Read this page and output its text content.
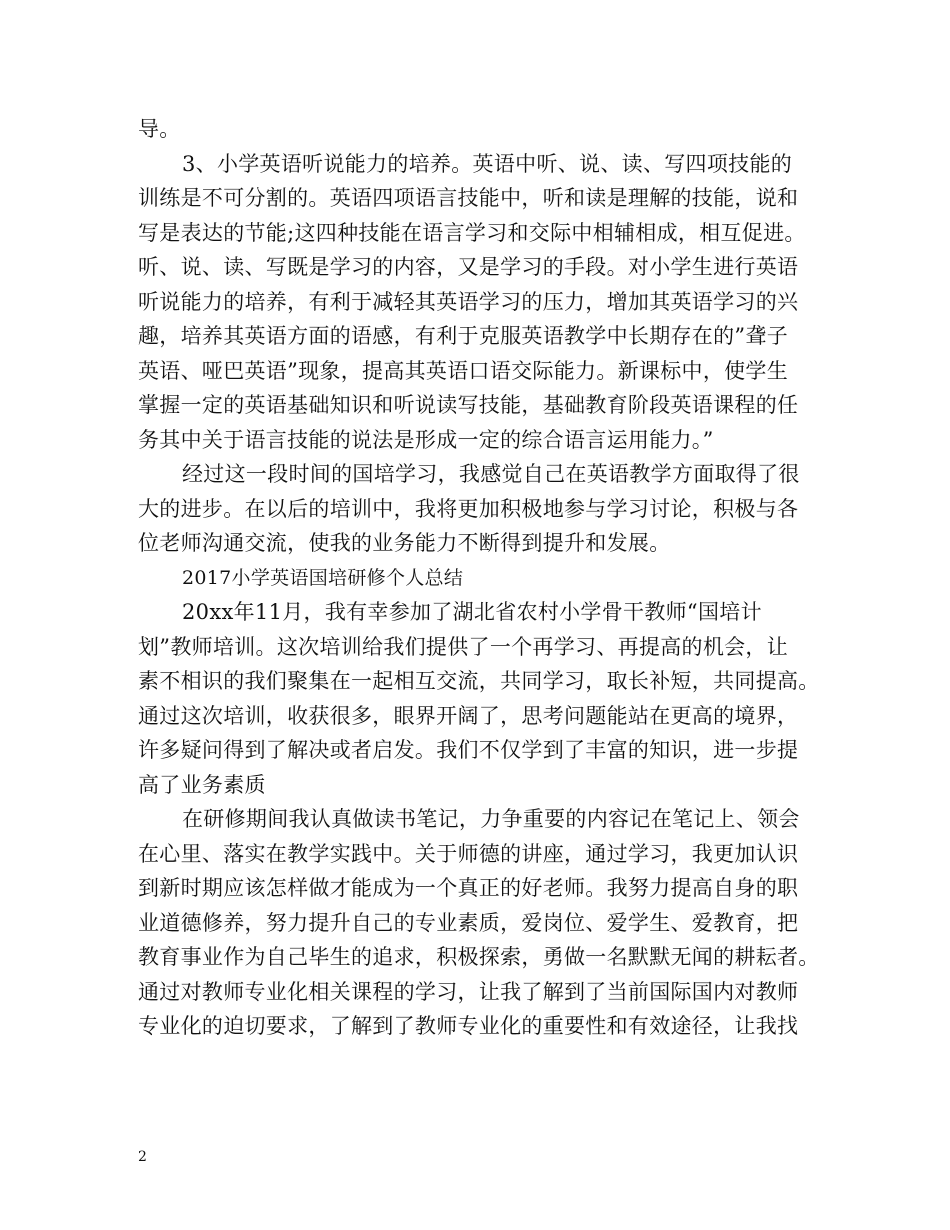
导。
3、小学英语听说能力的培养。英语中听、说、读、写四项技能的
训练是不可分割的。英语四项语言技能中，听和读是理解的技能，说和
写是表达的节能;这四种技能在语言学习和交际中相辅相成，相互促进。
听、说、读、写既是学习的内容，又是学习的手段。对小学生进行英语
听说能力的培养，有利于减轻其英语学习的压力，增加其英语学习的兴
趣，培养其英语方面的语感，有利于克服英语教学中长期存在的”聋子
英语、哑巴英语”现象，提高其英语口语交际能力。新课标中，使学生
掌握一定的英语基础知识和听说读写技能，基础教育阶段英语课程的任
务其中关于语言技能的说法是形成一定的综合语言运用能力。”
经过这一段时间的国培学习，我感觉自己在英语教学方面取得了很
大的进步。在以后的培训中，我将更加积极地参与学习讨论，积极与各
位老师沟通交流，使我的业务能力不断得到提升和发展。
2017小学英语国培研修个人总结
20xx年11月，我有幸参加了湖北省农村小学骨干教师“国培计
划”教师培训。这次培训给我们提供了一个再学习、再提高的机会，让
素不相识的我们聚集在一起相互交流，共同学习，取长补短，共同提高。
通过这次培训，收获很多，眼界开阔了，思考问题能站在更高的境界，
许多疑问得到了解决或者启发。我们不仅学到了丰富的知识，进一步提
高了业务素质
在研修期间我认真做读书笔记，力争重要的内容记在笔记上、领会
在心里、落实在教学实践中。关于师德的讲座，通过学习，我更加认识
到新时期应该怎样做才能成为一个真正的好老师。我努力提高自身的职
业道德修养，努力提升自己的专业素质，爱岗位、爱学生、爱教育，把
教育事业作为自己毕生的追求，积极探索，勇做一名默默无闻的耕耘者。
通过对教师专业化相关课程的学习，让我了解到了当前国际国内对教师
专业化的迫切要求，了解到了教师专业化的重要性和有效途径，让我找
2
